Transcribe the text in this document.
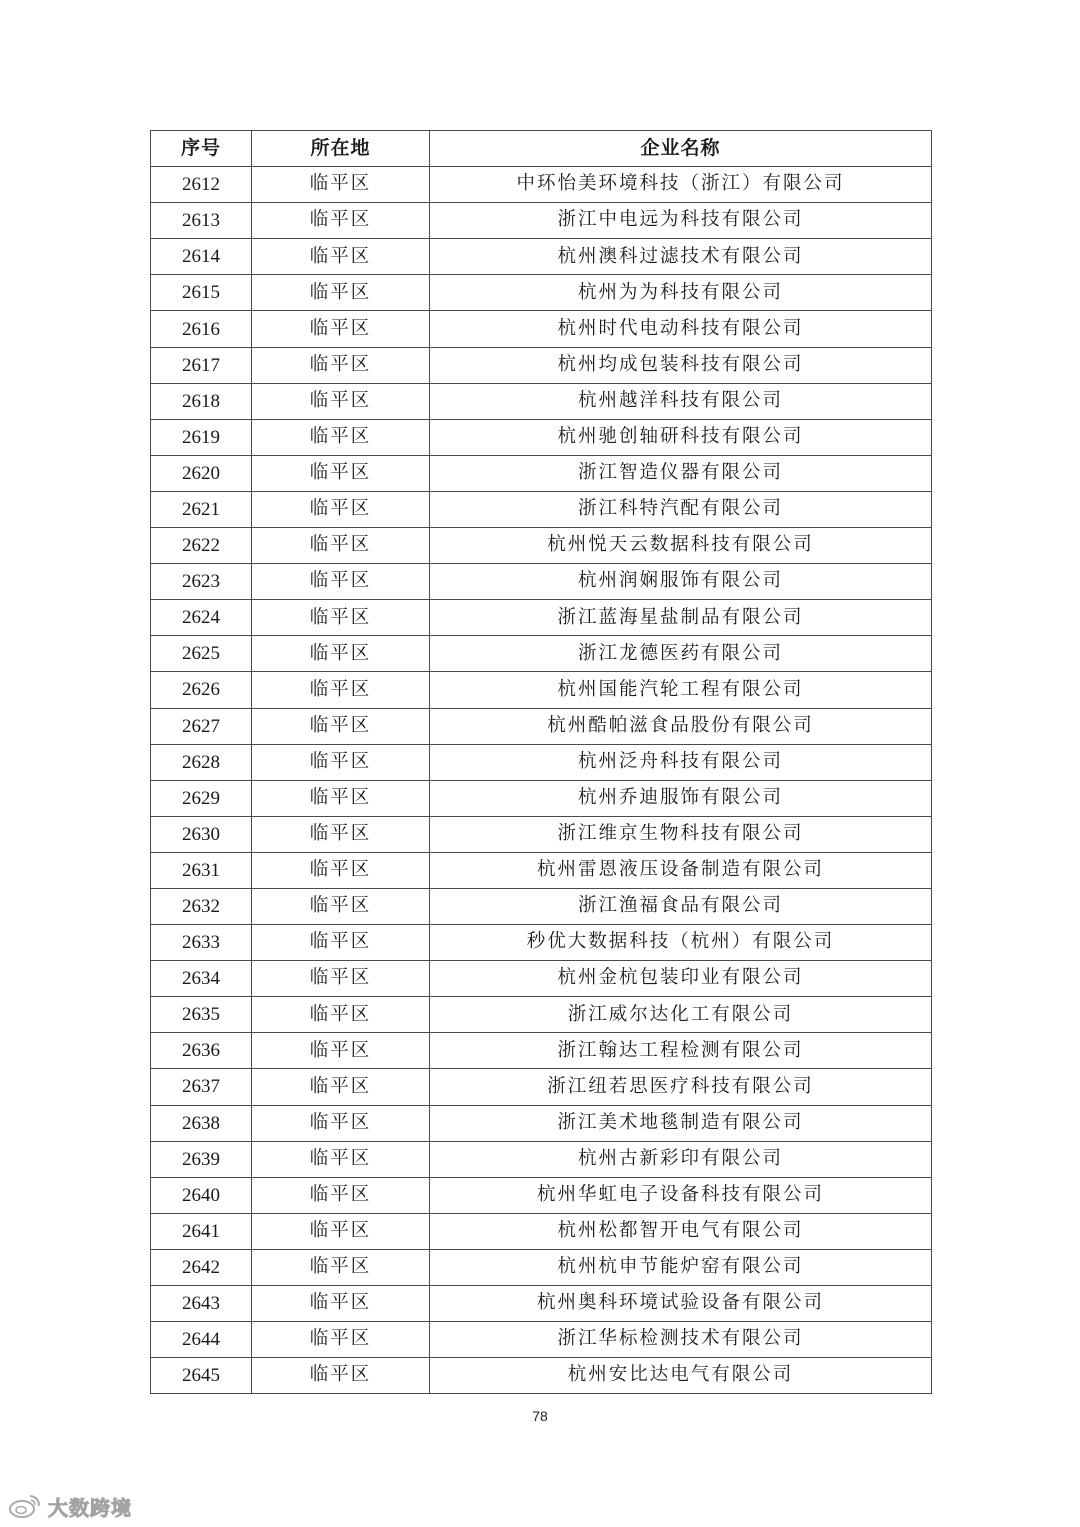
序号	所在地	企业名称
2612	临平区	中环怡美环境科技（浙江）有限公司
2613	临平区	浙江中电远为科技有限公司
2614	临平区	杭州澳科过滤技术有限公司
2615	临平区	杭州为为科技有限公司
2616	临平区	杭州时代电动科技有限公司
2617	临平区	杭州均成包装科技有限公司
2618	临平区	杭州越洋科技有限公司
2619	临平区	杭州驰创轴研科技有限公司
2620	临平区	浙江智造仪器有限公司
2621	临平区	浙江科特汽配有限公司
2622	临平区	杭州悦天云数据科技有限公司
2623	临平区	杭州润娴服饰有限公司
2624	临平区	浙江蓝海星盐制品有限公司
2625	临平区	浙江龙德医药有限公司
2626	临平区	杭州国能汽轮工程有限公司
2627	临平区	杭州酷帕滋食品股份有限公司
2628	临平区	杭州泛舟科技有限公司
2629	临平区	杭州乔迪服饰有限公司
2630	临平区	浙江维京生物科技有限公司
2631	临平区	杭州雷恩液压设备制造有限公司
2632	临平区	浙江渔福食品有限公司
2633	临平区	秒优大数据科技（杭州）有限公司
2634	临平区	杭州金杭包装印业有限公司
2635	临平区	浙江威尔达化工有限公司
2636	临平区	浙江翰达工程检测有限公司
2637	临平区	浙江纽若思医疗科技有限公司
2638	临平区	浙江美术地毯制造有限公司
2639	临平区	杭州古新彩印有限公司
2640	临平区	杭州华虹电子设备科技有限公司
2641	临平区	杭州松都智开电气有限公司
2642	临平区	杭州杭申节能炉窑有限公司
2643	临平区	杭州奥科环境试验设备有限公司
2644	临平区	浙江华标检测技术有限公司
2645	临平区	杭州安比达电气有限公司
78
大数跨境
